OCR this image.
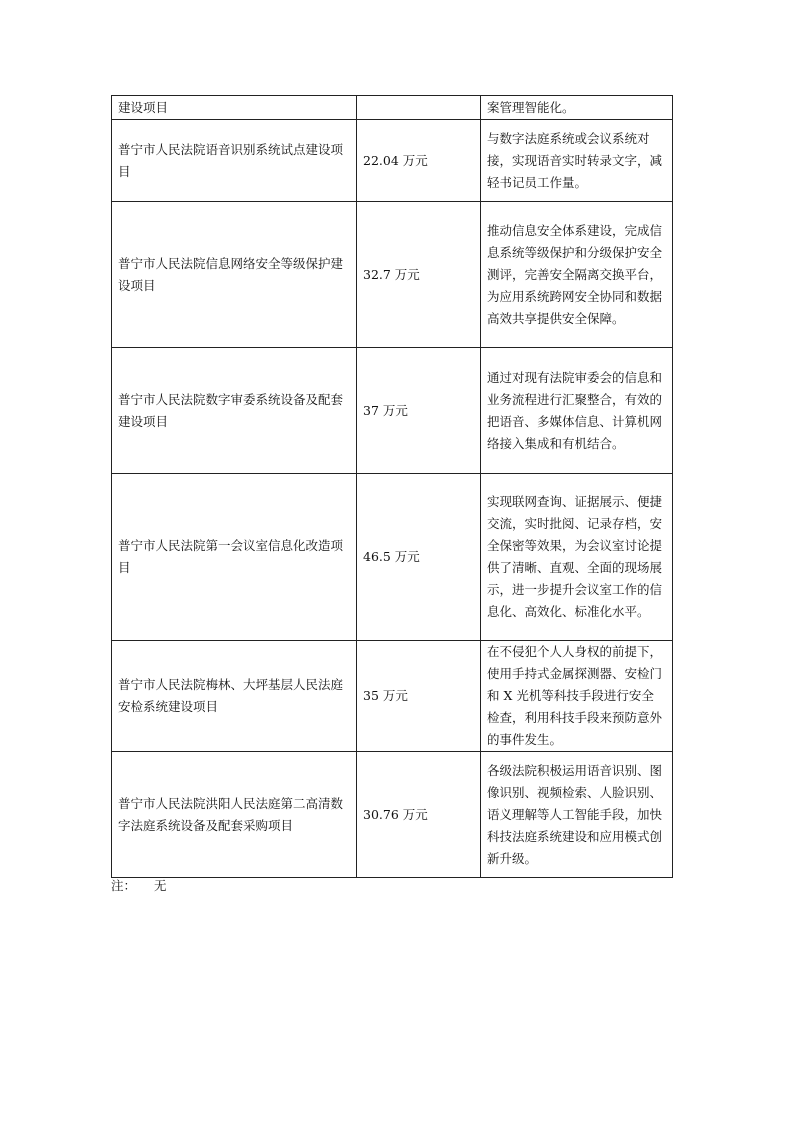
建设项目		案管理智能化。
普宁市人民法院语音识别系统试点建设项目	22.04 万元	与数字法庭系统或会议系统对接，实现语音实时转录文字，减轻书记员工作量。
普宁市人民法院信息网络安全等级保护建设项目	32.7 万元	推动信息安全体系建设，完成信息系统等级保护和分级保护安全测评，完善安全隔离交换平台，为应用系统跨网安全协同和数据高效共享提供安全保障。
普宁市人民法院数字审委系统设备及配套建设项目	37 万元	通过对现有法院审委会的信息和业务流程进行汇聚整合，有效的把语音、多媒体信息、计算机网络接入集成和有机结合。
普宁市人民法院第一会议室信息化改造项目	46.5 万元	实现联网查询、证据展示、便捷交流，实时批阅、记录存档，安全保密等效果，为会议室讨论提供了清晰、直观、全面的现场展示，进一步提升会议室工作的信息化、高效化、标准化水平。
普宁市人民法院梅林、大坪基层人民法庭安检系统建设项目	35 万元	在不侵犯个人人身权的前提下，使用手持式金属探测器、安检门和 X 光机等科技手段进行安全检查，利用科技手段来预防意外的事件发生。
普宁市人民法院洪阳人民法庭第二高清数字法庭系统设备及配套采购项目	30.76 万元	各级法院积极运用语音识别、图像识别、视频检索、人脸识别、语义理解等人工智能手段，加快科技法庭系统建设和应用模式创新升级。
注： 无
